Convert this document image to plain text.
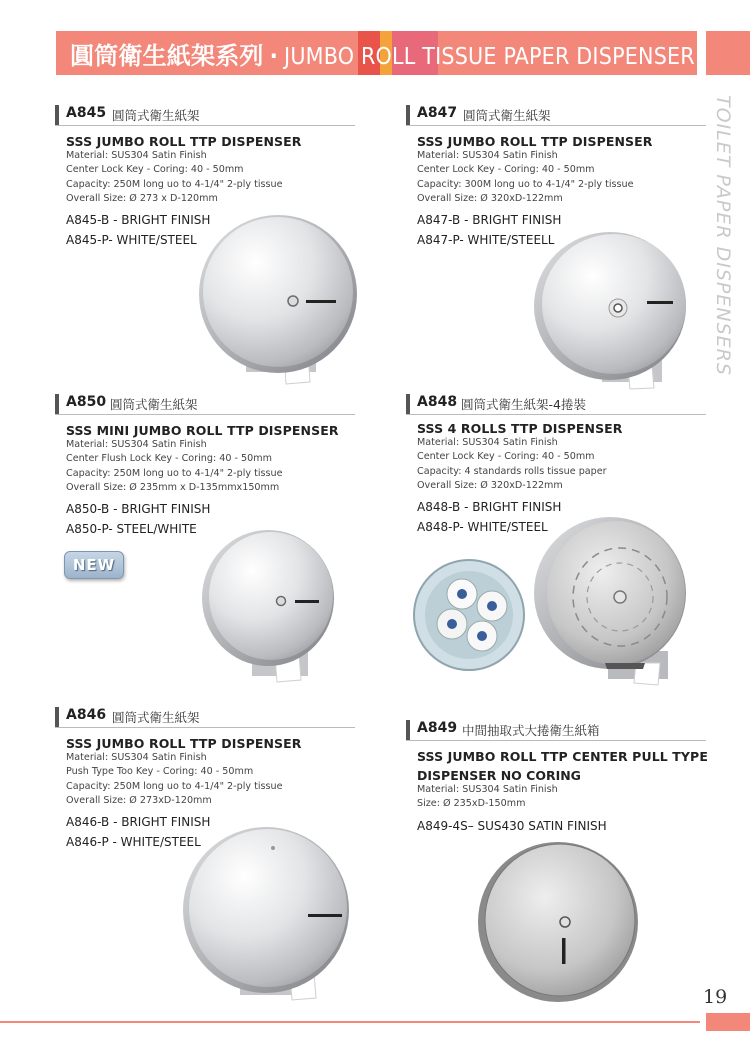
圓筒衛生紙架系列 · JUMBO ROLL TISSUE PAPER DISPENSER
TOILET PAPER DISPENSERS
A845 圓筒式衛生紙架
SSS JUMBO ROLL TTP DISPENSER
Material: SUS304 Satin Finish
Center Lock Key - Coring: 40 - 50mm
Capacity: 250M long uo to 4-1/4" 2-ply tissue
Overall Size: Ø 273 x D-120mm
A845-B - BRIGHT FINISH
A845-P- WHITE/STEEL
A847 圓筒式衛生紙架
SSS JUMBO ROLL TTP DISPENSER
Material: SUS304 Satin Finish
Center Lock Key - Coring: 40 - 50mm
Capacity: 300M long uo to 4-1/4" 2-ply tissue
Overall Size: Ø 320xD-122mm
A847-B - BRIGHT FINISH
A847-P- WHITE/STEELL
A850 圓筒式衛生紙架
SSS MINI JUMBO ROLL TTP DISPENSER
Material: SUS304 Satin Finish
Center Flush Lock Key - Coring: 40 - 50mm
Capacity: 250M long uo to 4-1/4" 2-ply tissue
Overall Size: Ø 235mm x D-135mmx150mm
A850-B - BRIGHT FINISH
A850-P- STEEL/WHITE
NEW
A848 圓筒式衛生紙架-4捲裝
SSS 4 ROLLS TTP DISPENSER
Material: SUS304 Satin Finish
Center Lock Key - Coring: 40 - 50mm
Capacity: 4 standards rolls tissue paper
Overall Size: Ø 320xD-122mm
A848-B - BRIGHT FINISH
A848-P- WHITE/STEEL
A846 圓筒式衛生紙架
SSS JUMBO ROLL TTP DISPENSER
Material: SUS304 Satin Finish
Push Type Too Key - Coring: 40 - 50mm
Capacity: 250M long uo to 4-1/4" 2-ply tissue
Overall Size: Ø 273xD-120mm
A846-B - BRIGHT FINISH
A846-P - WHITE/STEEL
A849 中間抽取式大捲衛生紙箱
SSS JUMBO ROLL TTP CENTER PULL TYPE
DISPENSER NO CORING
Material: SUS304 Satin Finish
Size: Ø 235xD-150mm
A849-4S– SUS430 SATIN FINISH
19
